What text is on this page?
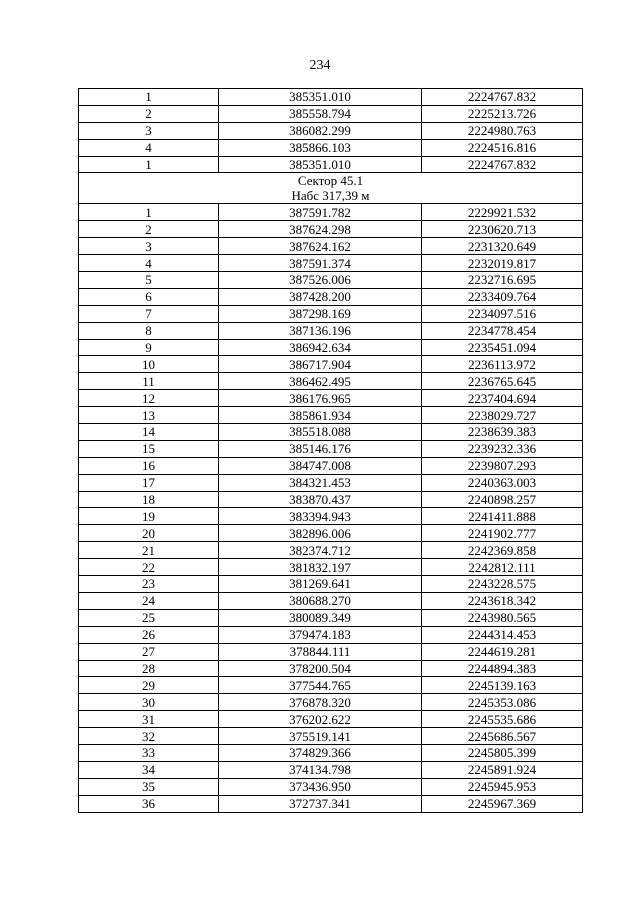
234
1	385351.010	2224767.832
2	385558.794	2225213.726
3	386082.299	2224980.763
4	385866.103	2224516.816
1	385351.010	2224767.832

Сектор 45.1
Набс 317,39 м		

1	387591.782	2229921.532
2	387624.298	2230620.713
3	387624.162	2231320.649
4	387591.374	2232019.817
5	387526.006	2232716.695
6	387428.200	2233409.764
7	387298.169	2234097.516
8	387136.196	2234778.454
9	386942.634	2235451.094
10	386717.904	2236113.972
11	386462.495	2236765.645
12	386176.965	2237404.694
13	385861.934	2238029.727
14	385518.088	2238639.383
15	385146.176	2239232.336
16	384747.008	2239807.293
17	384321.453	2240363.003
18	383870.437	2240898.257
19	383394.943	2241411.888
20	382896.006	2241902.777
21	382374.712	2242369.858
22	381832.197	2242812.111
23	381269.641	2243228.575
24	380688.270	2243618.342
25	380089.349	2243980.565
26	379474.183	2244314.453
27	378844.111	2244619.281
28	378200.504	2244894.383
29	377544.765	2245139.163
30	376878.320	2245353.086
31	376202.622	2245535.686
32	375519.141	2245686.567
33	374829.366	2245805.399
34	374134.798	2245891.924
35	373436.950	2245945.953
36	372737.341	2245967.369
